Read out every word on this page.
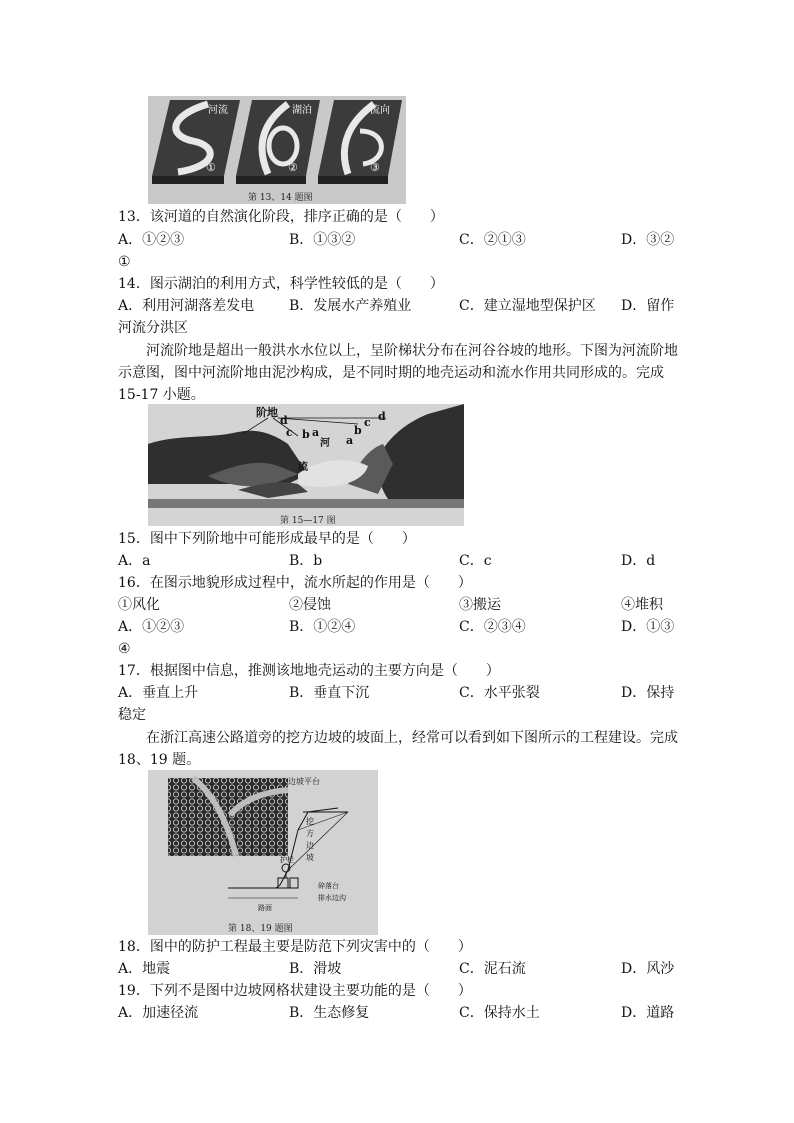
河流	湖泊	流向
①	②	③
第 13、14 题图
13．该河道的自然演化阶段，排序正确的是（　　）
A．①②③	B．①③②	C．②①③	D．③②
①
14．图示湖泊的利用方式，科学性较低的是（　　）
A．利用河湖落差发电 B．发展水产养殖业	C．建立湿地型保护区 D．留作
河流分洪区
河流阶地是超出一般洪水水位以上，呈阶梯状分布在河谷谷坡的地形。下图为河流阶地示意图，图中河流阶地由泥沙构成，是不同时期的地壳运动和流水作用共同形成的。完成15-17 小题。
阶地
d
c b a
a
b
c d
河
流
第 15—17 图
15．图中下列阶地中可能形成最早的是（　　）
A．a	B．b	C．c	D．d
16．在图示地貌形成过程中，流水所起的作用是（　　）
①风化	②侵蚀	③搬运	④堆积
A．①②③	B．①②④	C．②③④	D．①③
④
17．根据图中信息，推测该地地壳运动的主要方向是（　　）
A．垂直上升	B．垂直下沉	C．水平张裂	D．保持
稳定
在浙江高速公路道旁的挖方边坡的坡面上，经常可以看到如下图所示的工程建设。完成18、19 题。
边坡平台
挖
方
边
坡
护栏
碎落台
排水边沟
路面
第 18、19 题图
18．图中的防护工程最主要是防范下列灾害中的（　　）
A．地震	B．滑坡	C．泥石流	D．风沙
19．下列不是图中边坡网格状建设主要功能的是（　　）
A．加速径流	B．生态修复	C．保持水土	D．道路
